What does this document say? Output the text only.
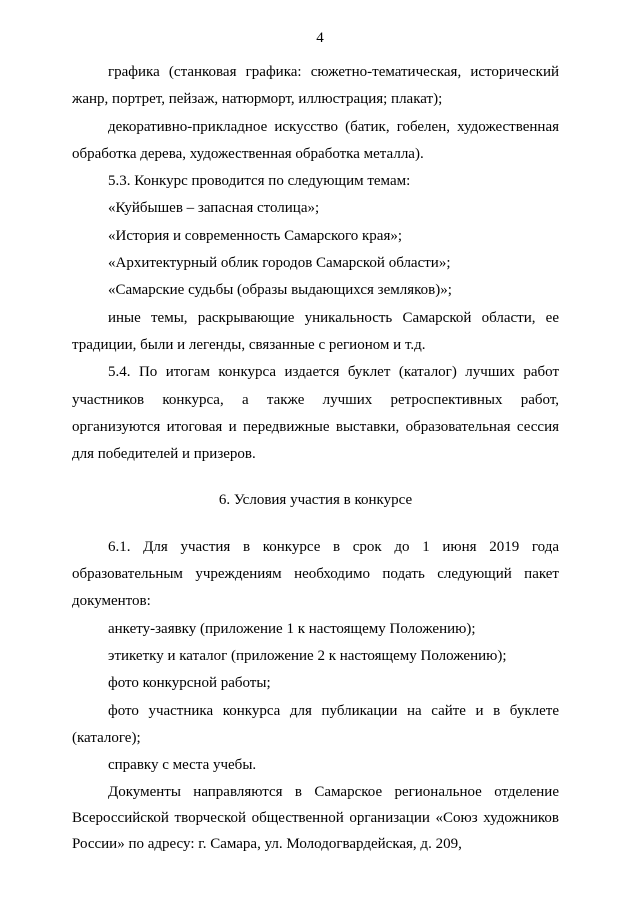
4

графика (станковая графика: сюжетно-тематическая, исторический жанр, портрет, пейзаж, натюрморт, иллюстрация; плакат);

декоративно-прикладное искусство (батик, гобелен, художественная обработка дерева, художественная обработка металла).

5.3. Конкурс проводится по следующим темам:

«Куйбышев – запасная столица»;

«История и современность Самарского края»;

«Архитектурный облик городов Самарской области»;

«Самарские судьбы (образы выдающихся земляков)»;

иные темы, раскрывающие уникальность Самарской области, ее традиции, были и легенды, связанные с регионом и т.д.

5.4. По итогам конкурса издается буклет (каталог) лучших работ участников конкурса, а также лучших ретроспективных работ, организуются итоговая и передвижные выставки, образовательная сессия для победителей и призеров.

6. Условия участия в конкурсе

6.1. Для участия в конкурсе в срок до 1 июня 2019 года образовательным учреждениям необходимо подать следующий пакет документов:

анкету-заявку (приложение 1 к настоящему Положению);

этикетку и каталог (приложение 2 к настоящему Положению);

фото конкурсной работы;

фото участника конкурса для публикации на сайте и в буклете (каталоге);

справку с места учебы.

Документы направляются в Самарское региональное отделение Всероссийской творческой общественной организации «Союз художников России» по адресу: г. Самара, ул. Молодогвардейская, д. 209,
